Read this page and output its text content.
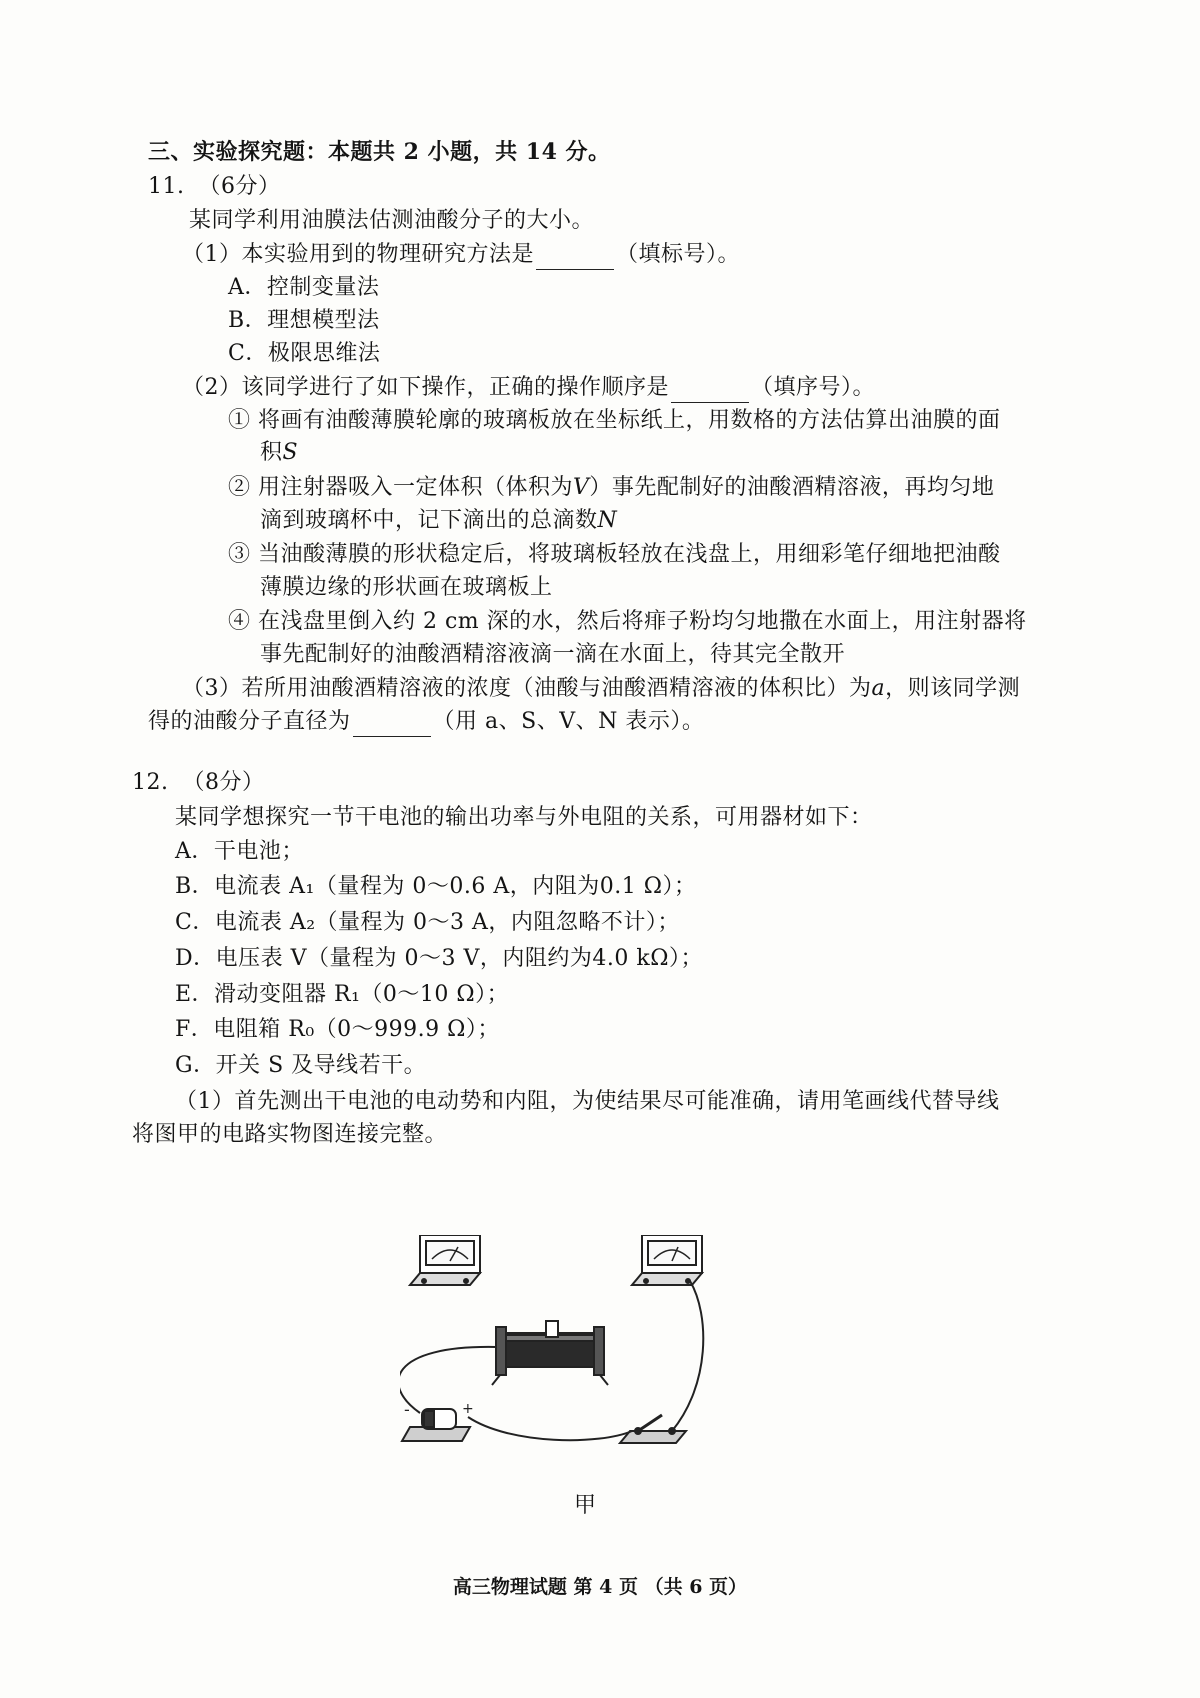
三、实验探究题：本题共 2 小题，共 14 分。
11. （6分）
某同学利用油膜法估测油酸分子的大小。
（1）本实验用到的物理研究方法是	（填标号）。
A．控制变量法
B．理想模型法
C．极限思维法
（2）该同学进行了如下操作，正确的操作顺序是	（填序号）。
① 将画有油酸薄膜轮廓的玻璃板放在坐标纸上，用数格的方法估算出油膜的面
积S
② 用注射器吸入一定体积（体积为V）事先配制好的油酸酒精溶液，再均匀地
滴到玻璃杯中，记下滴出的总滴数N
③ 当油酸薄膜的形状稳定后，将玻璃板轻放在浅盘上，用细彩笔仔细地把油酸
薄膜边缘的形状画在玻璃板上
④ 在浅盘里倒入约 2 cm 深的水，然后将痱子粉均匀地撒在水面上，用注射器将
事先配制好的油酸酒精溶液滴一滴在水面上，待其完全散开
（3）若所用油酸酒精溶液的浓度（油酸与油酸酒精溶液的体积比）为a，则该同学测
得的油酸分子直径为	（用 a、S、V、N 表示）。
12. （8分）
某同学想探究一节干电池的输出功率与外电阻的关系，可用器材如下：
A．干电池；
B．电流表 A₁（量程为 0～0.6 A，内阻为0.1 Ω）；
C．电流表 A₂（量程为 0～3 A，内阻忽略不计）；
D．电压表 V（量程为 0～3 V，内阻约为4.0 kΩ）；
E．滑动变阻器 R₁（0～10 Ω）；
F．电阻箱 R₀（0～999.9 Ω）；
G．开关 S 及导线若干。
（1）首先测出干电池的电动势和内阻，为使结果尽可能准确，请用笔画线代替导线
将图甲的电路实物图连接完整。
-	+
甲
高三物理试题 第 4 页 （共 6 页）
